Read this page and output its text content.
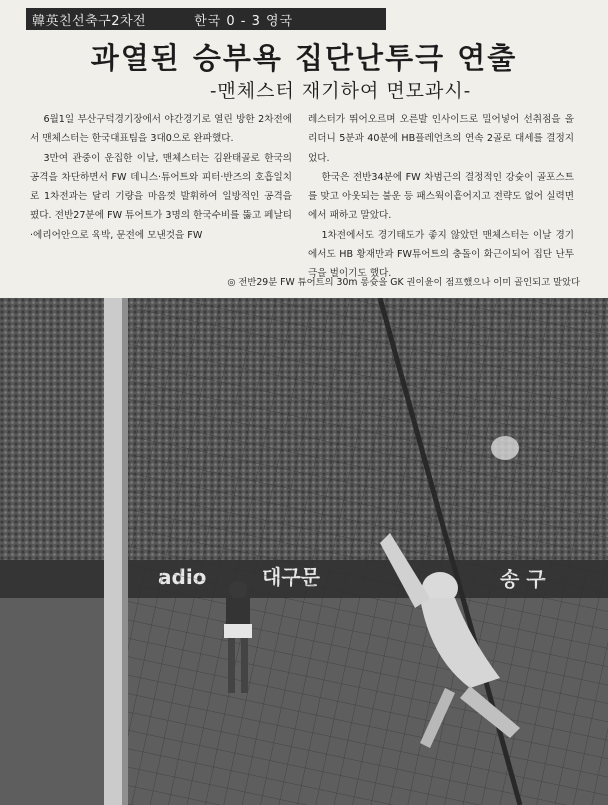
韓英친선축구2차전	한국 0 - 3 영국
과열된 승부욕 집단난투극 연출
-맨체스터 재기하여 면모과시-

6월1일 부산구덕경기장에서 야간경기로 열린 방한 2차전에서 맨체스터는 한국대표팀을 3대0으로 완파했다.

3만여 관중이 운집한 이날, 맨체스터는 김완태골로 한국의 공격을 차단하면서 FW 데니스·튜어트와 피터·반즈의 호흡일치로 1차전과는 달리 기량을 마음껏 발휘하여 일방적인 공격을 폈다. 전반27분에 FW 튜어트가 3명의 한국수비를 뚫고 페날티·에리어안으로 육박, 문전에 모낸것을 FW

레스터가 뛰어오르며 오른발 인사이드로 밀어넣어 선취점을 올리더니 5분과 40분에 HB플레언츠의 연속 2골로 대세를 결정지었다.

한국은 전반34분에 FW 차범근의 결정적인 강슛이 골포스트를 맞고 아웃되는 불운 등 패스웍이흩어지고 전략도 없어 실력면에서 패하고 말았다.

1차전에서도 경기태도가 좋지 않았던 맨체스터는 이날 경기에서도 HB 황재만과 FW튜어트의 충돌이 화근이되어 집단 난투극을 벌이기도 했다.

◎ 전반29분 FW 튜어트의 30m 롱슛을 GK 권이윤이 점프했으나 이미 골인되고 말았다
